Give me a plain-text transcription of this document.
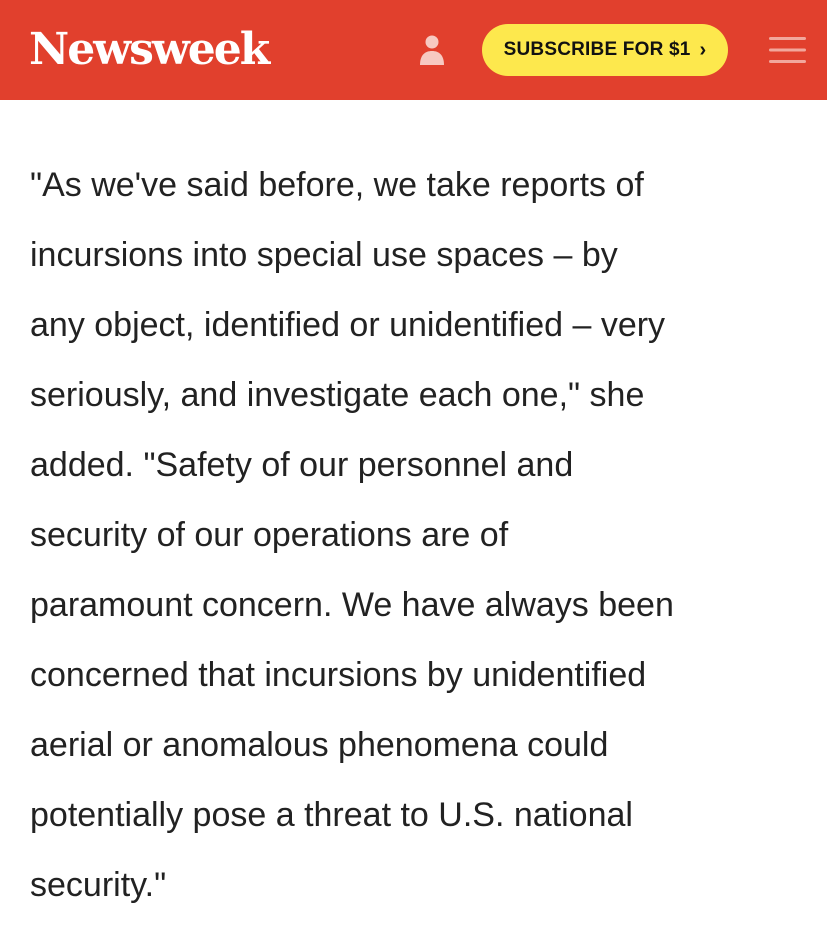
Newsweek	SUBSCRIBE FOR $1 ›

"As we've said before, we take reports of
incursions into special use spaces – by
any object, identified or unidentified – very
seriously, and investigate each one," she
added. "Safety of our personnel and
security of our operations are of
paramount concern. We have always been
concerned that incursions by unidentified
aerial or anomalous phenomena could
potentially pose a threat to U.S. national
security."
